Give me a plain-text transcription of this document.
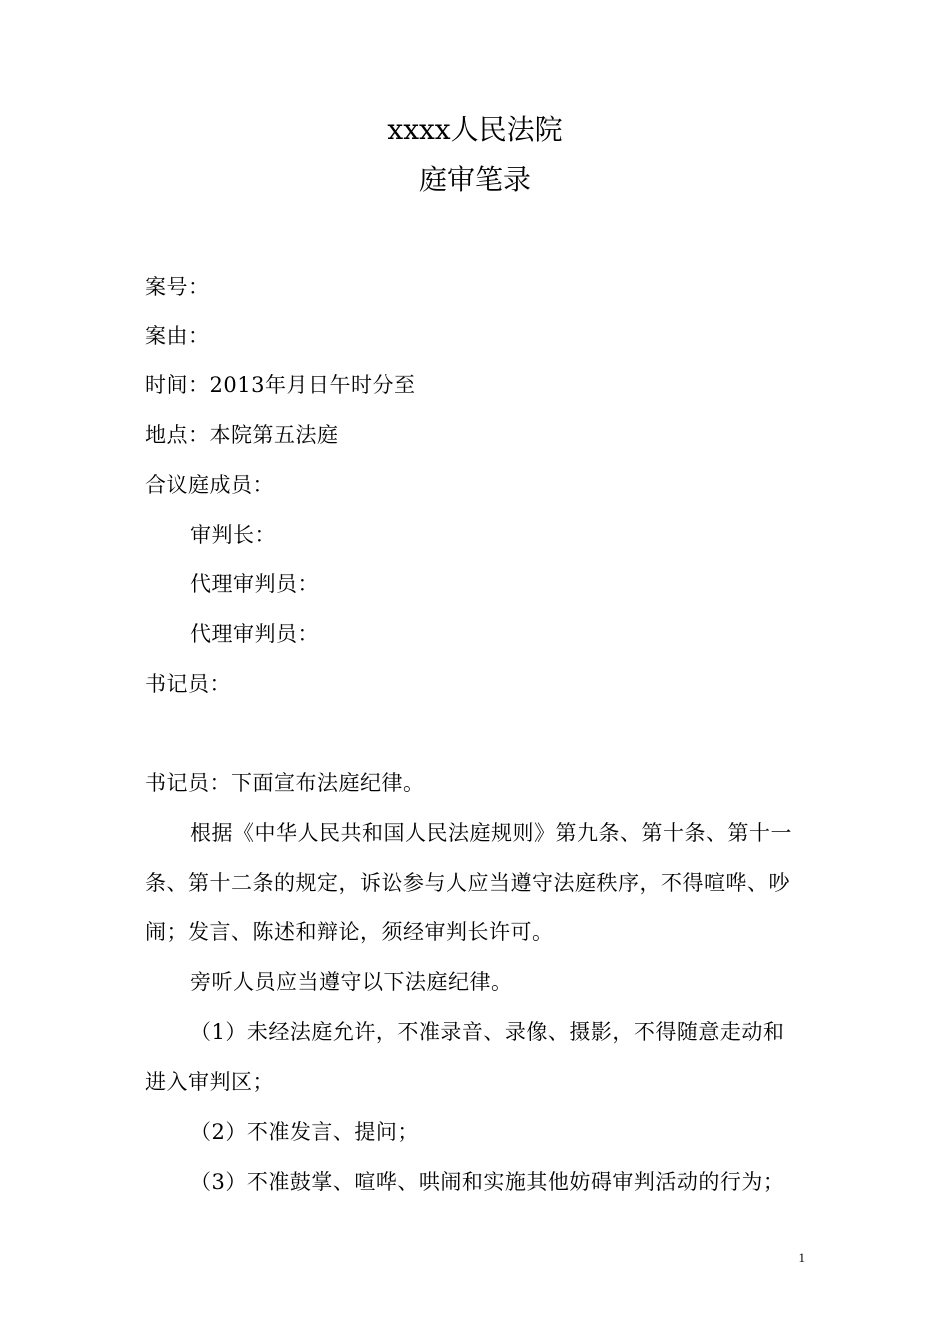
xxxx人民法院
庭审笔录
案号：
案由：
时间：2013年月日午时分至
地点：本院第五法庭
合议庭成员：
审判长：
代理审判员：
代理审判员：
书记员：
书记员：下面宣布法庭纪律。
根据《中华人民共和国人民法庭规则》第九条、第十条、第十一
条、第十二条的规定，诉讼参与人应当遵守法庭秩序，不得喧哗、吵
闹；发言、陈述和辩论，须经审判长许可。
旁听人员应当遵守以下法庭纪律。
（1）未经法庭允许，不准录音、录像、摄影，不得随意走动和
进入审判区；
（2）不准发言、提问；
（3）不准鼓掌、喧哗、哄闹和实施其他妨碍审判活动的行为；
1
